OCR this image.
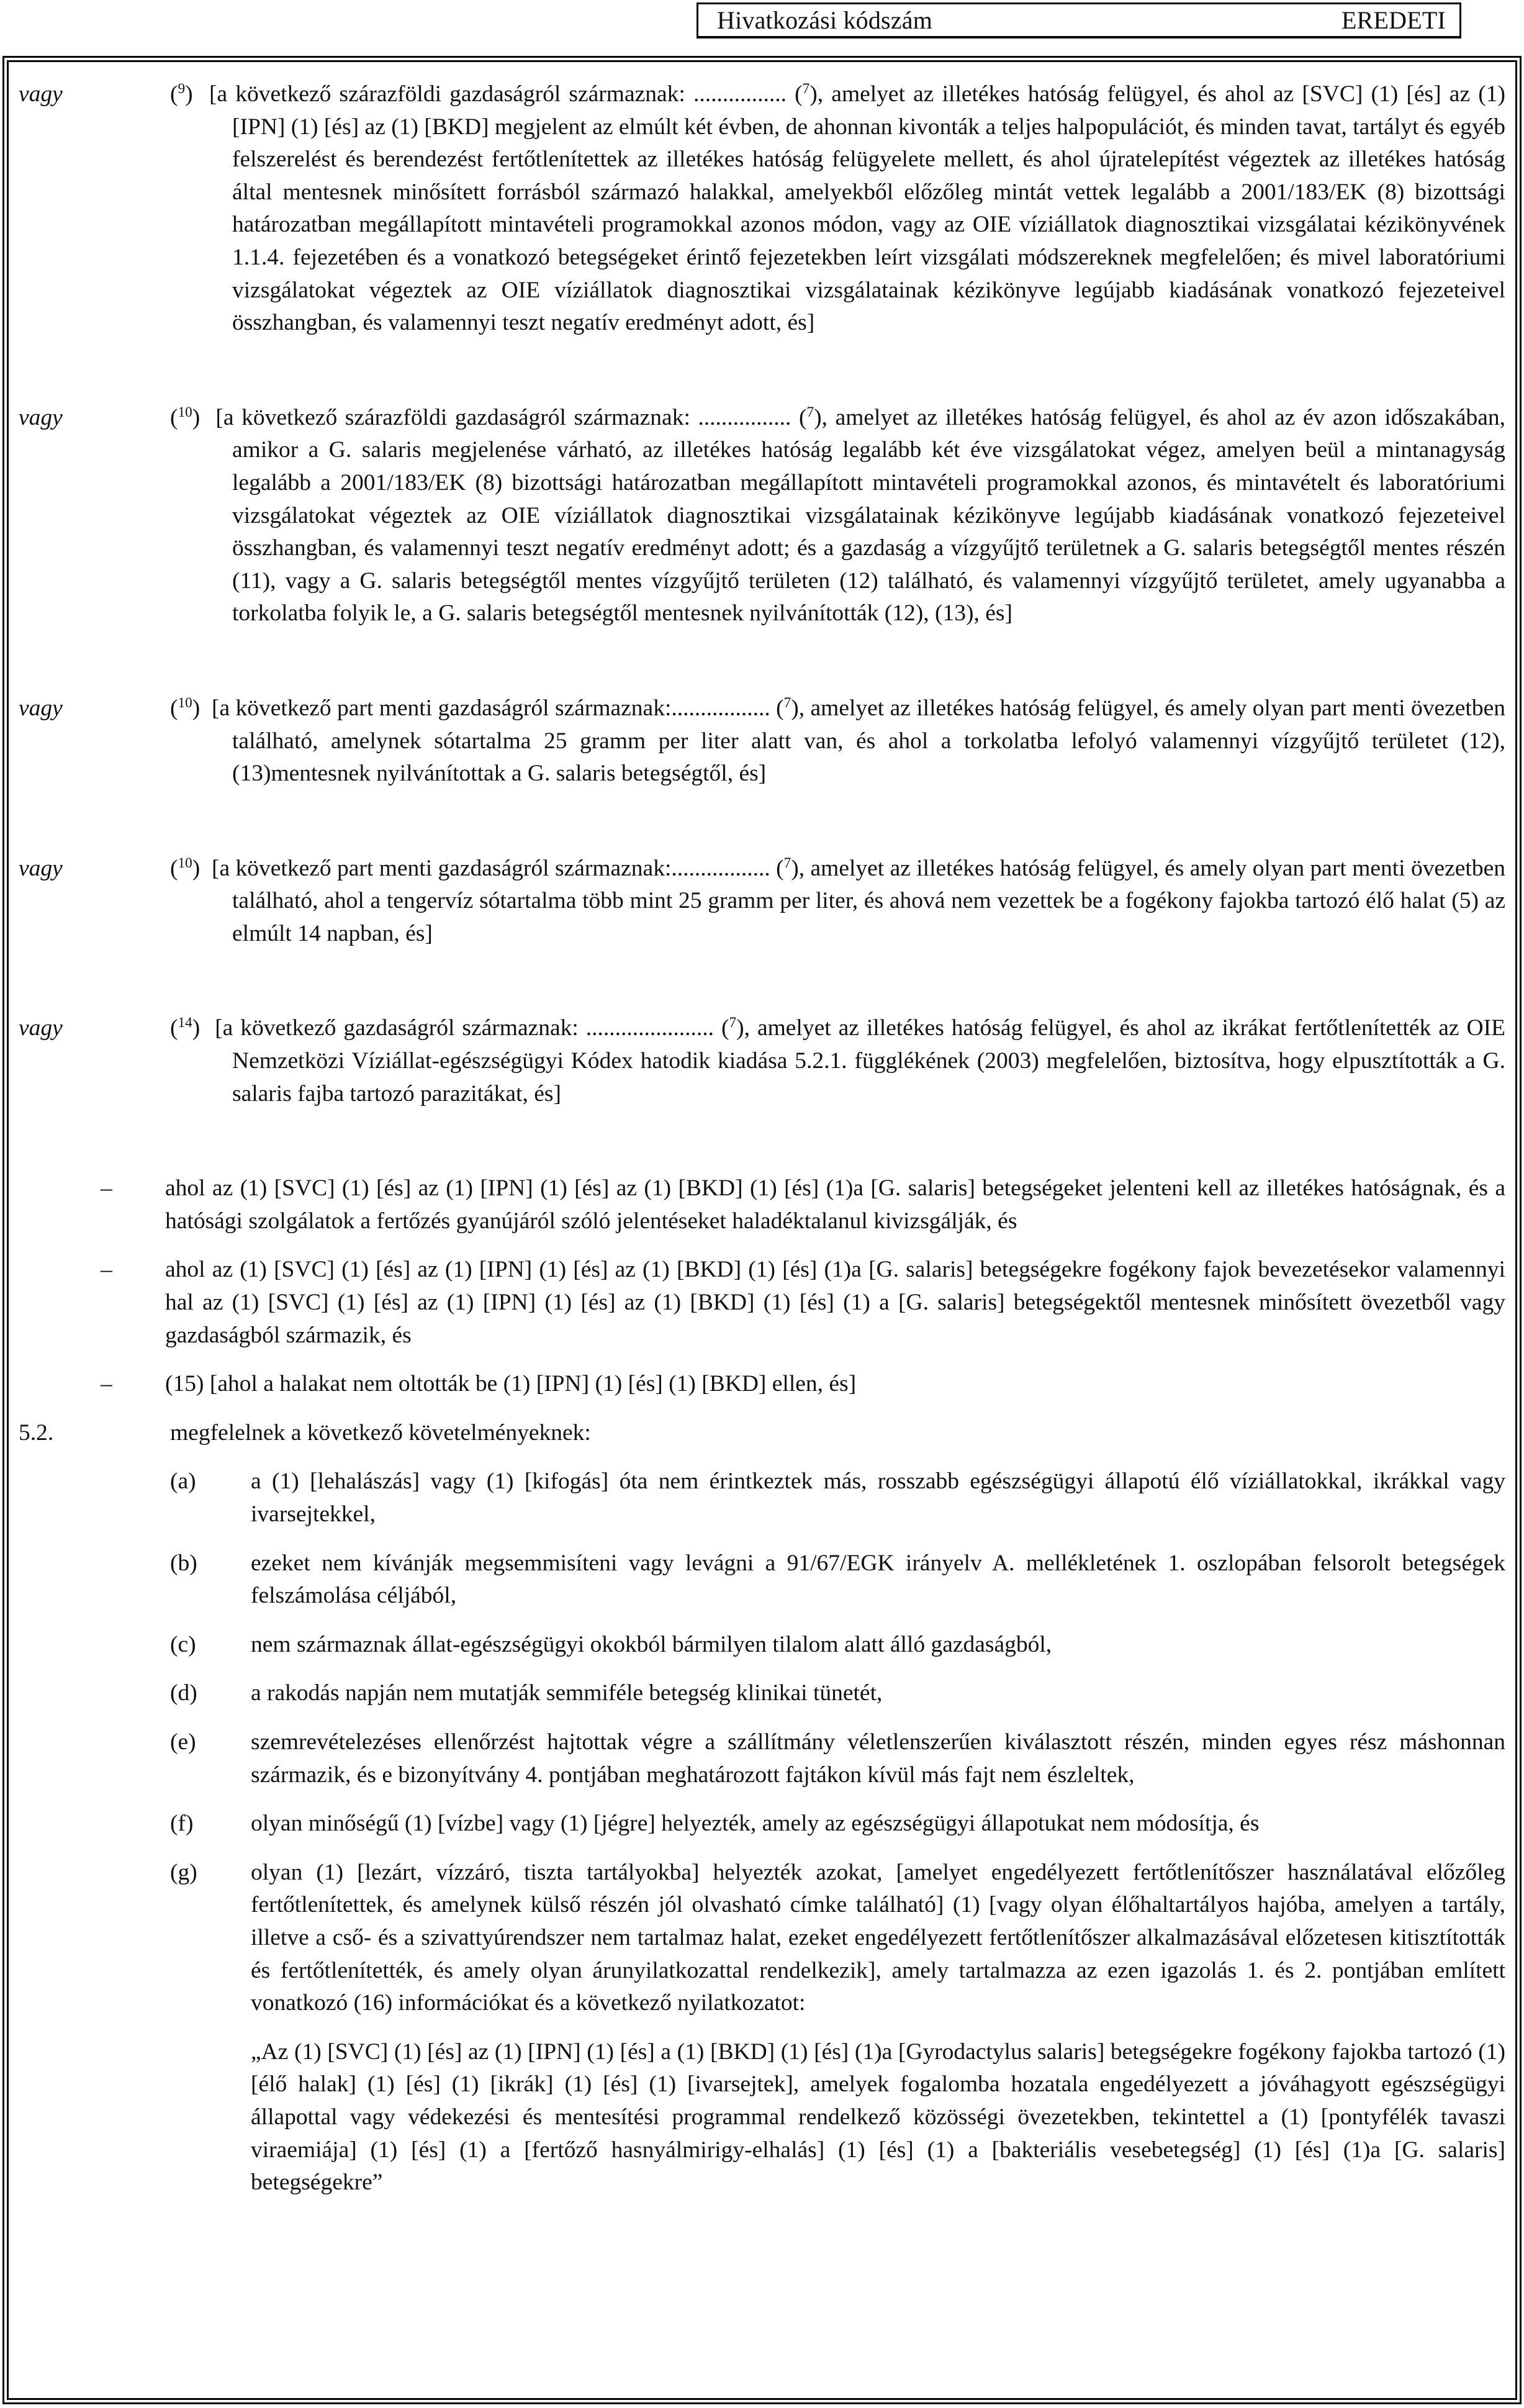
Hivatkozási kódszám	EREDETI
vagy	($^9$)  [a következő szárazföldi gazdaságról származnak: ................ ($^7$), amelyet az illetékes hatóság felügyel, és ahol az [SVC] (1) [és] az (1) [IPN] (1) [és] az (1) [BKD] megjelent az elmúlt két évben, de ahonnan kivonták a teljes halpopulációt, és minden tavat, tartályt és egyéb felszerelést és berendezést fertőtlenítettek az illetékes hatóság felügyelete mellett, és ahol újratelepítést végeztek az illetékes hatóság által mentesnek minősített forrásból származó halakkal, amelyekből előzőleg mintát vettek legalább a 2001/183/EK (8) bizottsági határozatban megállapított mintavételi programokkal azonos módon, vagy az OIE víziállatok diagnosztikai vizsgálatai kézikönyvének 1.1.4. fejezetében és a vonatkozó betegségeket érintő fejezetekben leírt vizsgálati módszereknek megfelelően; és mivel laboratóriumi vizsgálatokat végeztek az OIE víziállatok diagnosztikai vizsgálatainak kézikönyve legújabb kiadásának vonatkozó fejezeteivel összhangban, és valamennyi teszt negatív eredményt adott, és]
vagy	($^{10}$)  [a következő szárazföldi gazdaságról származnak: ................ ($^7$), amelyet az illetékes hatóság felügyel, és ahol az év azon időszakában, amikor a G. salaris megjelenése várható, az illetékes hatóság legalább két éve vizsgálatokat végez, amelyen beül a mintanagyság legalább a 2001/183/EK (8) bizottsági határozatban megállapított mintavételi programokkal azonos, és mintavételt és laboratóriumi vizsgálatokat végeztek az OIE víziállatok diagnosztikai vizsgálatainak kézikönyve legújabb kiadásának vonatkozó fejezeteivel összhangban, és valamennyi teszt negatív eredményt adott; és a gazdaság a vízgyűjtő területnek a G. salaris betegségtől mentes részén (11), vagy a G. salaris betegségtől mentes vízgyűjtő területen (12) található, és valamennyi vízgyűjtő területet, amely ugyanabba a torkolatba folyik le, a G. salaris betegségtől mentesnek nyilvánították (12), (13), és]
vagy	($^{10}$)  [a következő part menti gazdaságról származnak:................. ($^7$), amelyet az illetékes hatóság felügyel, és amely olyan part menti övezetben található, amelynek sótartalma 25 gramm per liter alatt van, és ahol a torkolatba lefolyó valamennyi vízgyűjtő területet (12), (13)mentesnek nyilvánítottak a G. salaris betegségtől, és]
vagy	($^{10}$)  [a következő part menti gazdaságról származnak:................. ($^7$), amelyet az illetékes hatóság felügyel, és amely olyan part menti övezetben található, ahol a tengervíz sótartalma több mint 25 gramm per liter, és ahová nem vezettek be a fogékony fajokba tartozó élő halat (5) az elmúlt 14 napban, és]
vagy	($^{14}$)  [a következő gazdaságról származnak: ...................... ($^7$), amelyet az illetékes hatóság felügyel, és ahol az ikrákat fertőtlenítették az OIE Nemzetközi Víziállat-egészségügyi Kódex hatodik kiadása 5.2.1. függlékének (2003) megfelelően, biztosítva, hogy elpusztították a G. salaris fajba tartozó parazitákat, és]
–	ahol az (1) [SVC] (1) [és] az (1) [IPN] (1) [és] az (1) [BKD] (1) [és] (1)a [G. salaris] betegségeket jelenteni kell az illetékes hatóságnak, és a hatósági szolgálatok a fertőzés gyanújáról szóló jelentéseket haladéktalanul kivizsgálják, és
–	ahol az (1) [SVC] (1) [és] az (1) [IPN] (1) [és] az (1) [BKD] (1) [és] (1)a [G. salaris] betegségekre fogékony fajok bevezetésekor valamennyi hal az (1) [SVC] (1) [és] az (1) [IPN] (1) [és] az (1) [BKD] (1) [és] (1) a [G. salaris] betegségektől mentesnek minősített övezetből vagy gazdaságból származik, és
–	(15) [ahol a halakat nem oltották be (1) [IPN] (1) [és] (1) [BKD] ellen, és]
5.2.	megfelelnek a következő követelményeknek:
(a)	a (1) [lehalászás] vagy (1) [kifogás] óta nem érintkeztek más, rosszabb egészségügyi állapotú élő víziállatokkal, ikrákkal vagy ivarsejtekkel,
(b)	ezeket nem kívánják megsemmisíteni vagy levágni a 91/67/EGK irányelv A. mellékletének 1. oszlopában felsorolt betegségek felszámolása céljából,
(c)	nem származnak állat-egészségügyi okokból bármilyen tilalom alatt álló gazdaságból,
(d)	a rakodás napján nem mutatják semmiféle betegség klinikai tünetét,
(e)	szemrevételezéses ellenőrzést hajtottak végre a szállítmány véletlenszerűen kiválasztott részén, minden egyes rész máshonnan származik, és e bizonyítvány 4. pontjában meghatározott fajtákon kívül más fajt nem észleltek,
(f)	olyan minőségű (1) [vízbe] vagy (1) [jégre] helyezték, amely az egészségügyi állapotukat nem módosítja, és
(g)	olyan (1) [lezárt, vízzáró, tiszta tartályokba] helyezték azokat, [amelyet engedélyezett fertőtlenítőszer használatával előzőleg fertőtlenítettek, és amelynek külső részén jól olvasható címke található] (1) [vagy olyan élőhaltartályos hajóba, amelyen a tartály, illetve a cső- és a szivattyúrendszer nem tartalmaz halat, ezeket engedélyezett fertőtlenítőszer alkalmazásával előzetesen kitisztították és fertőtlenítették, és amely olyan árunyilatkozattal rendelkezik], amely tartalmazza az ezen igazolás 1. és 2. pontjában említett vonatkozó (16) információkat és a következő nyilatkozatot:
„Az (1) [SVC] (1) [és] az (1) [IPN] (1) [és] a (1) [BKD] (1) [és] (1)a [Gyrodactylus salaris] betegségekre fogékony fajokba tartozó (1) [élő halak] (1) [és] (1) [ikrák] (1) [és] (1) [ivarsejtek], amelyek fogalomba hozatala engedélyezett a jóváhagyott egészségügyi állapottal vagy védekezési és mentesítési programmal rendelkező közösségi övezetekben, tekintettel a (1) [pontyfélék tavaszi viraemiája] (1) [és] (1) a [fertőző hasnyálmirigy-elhalás] (1) [és] (1) a [bakteriális vesebetegség] (1) [és] (1)a [G. salaris] betegségekre”
